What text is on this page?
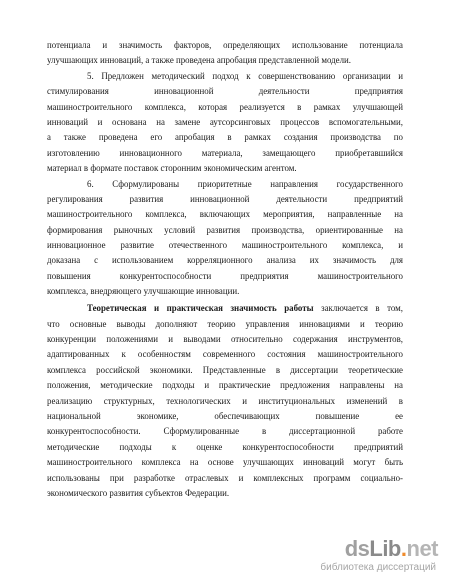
потенциала и значимость факторов, определяющих использование потенциала
улучшающих инноваций, а также проведена апробация представленной модели.
5. Предложен методический подход к совершенствованию организации и
стимулирования инновационной деятельности предприятия
машиностроительного комплекса, которая реализуется в рамках улучшающей
инноваций и основана на замене аутсорсинговых процессов вспомогательными,
а также проведена его апробация в рамках создания производства по
изготовлению инновационного материала, замещающего приобретавшийся
материал в формате поставок сторонним экономическим агентом.
6. Сформулированы приоритетные направления государственного
регулирования развития инновационной деятельности предприятий
машиностроительного комплекса, включающих мероприятия, направленные на
формирования рыночных условий развития производства, ориентированные на
инновационное развитие отечественного машиностроительного комплекса, и
доказана с использованием корреляционного анализа их значимость для
повышения конкурентоспособности предприятия машиностроительного
комплекса, внедряющего улучшающие инновации.
Теоретическая и практическая значимость работы заключается в том,
что основные выводы дополняют теорию управления инновациями и теорию
конкуренции положениями и выводами относительно содержания инструментов,
адаптированных к особенностям современного состояния машиностроительного
комплекса российской экономики. Представленные в диссертации теоретические
положения, методические подходы и практические предложения направлены на
реализацию структурных, технологических и институциональных изменений в
национальной экономике, обеспечивающих повышение ее
конкурентоспособности. Сформулированные в диссертационной работе
методические подходы к оценке конкурентоспособности предприятий
машиностроительного комплекса на основе улучшающих инноваций могут быть
использованы при разработке отраслевых и комплексных программ социально-
экономического развития субъектов Федерации.
dsLib.net
библиотека диссертаций
